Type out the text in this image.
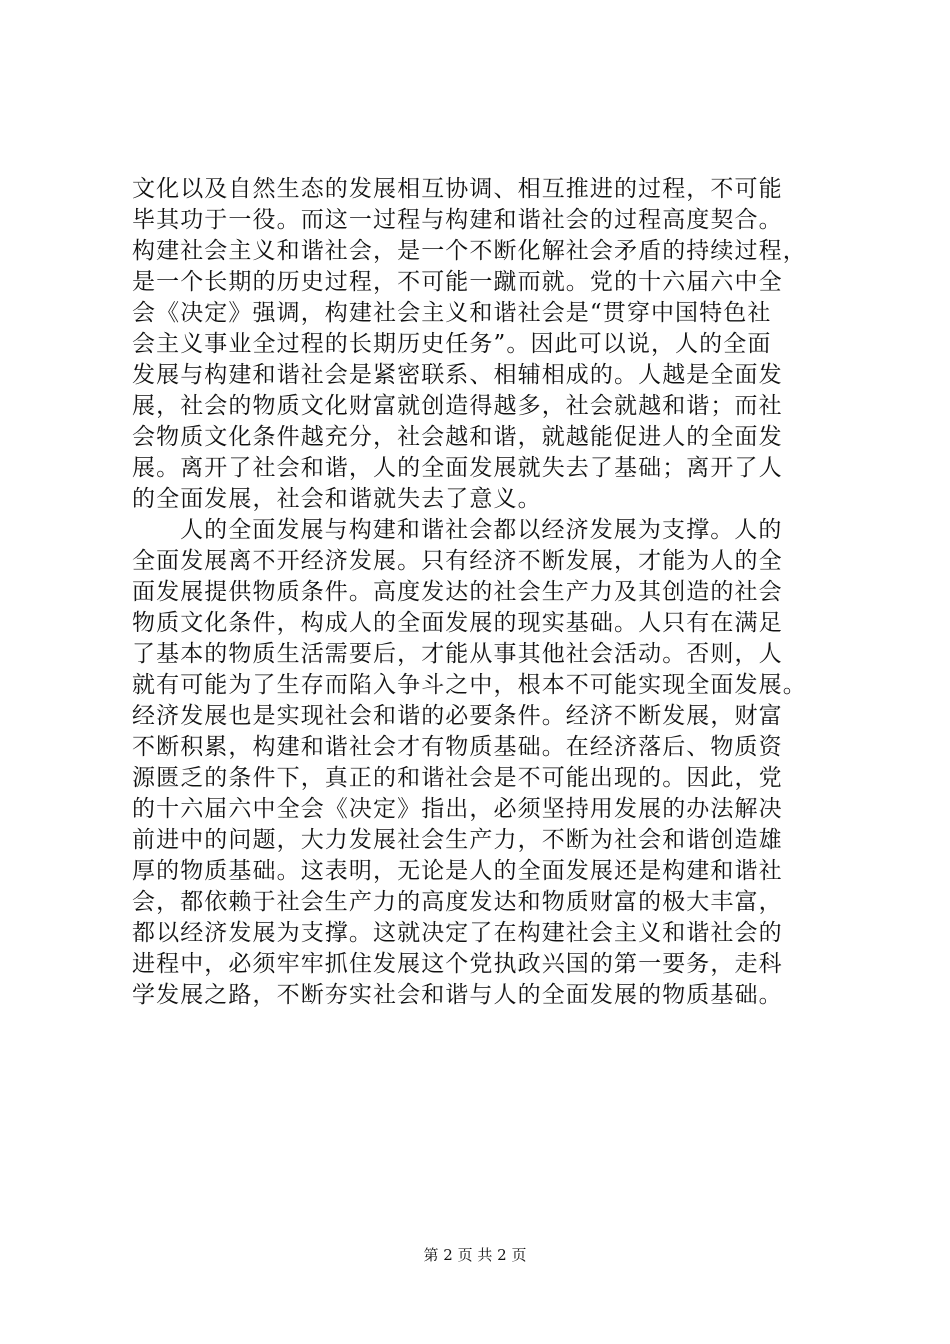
文化以及自然生态的发展相互协调、相互推进的过程，不可能
毕其功于一役。而这一过程与构建和谐社会的过程高度契合。
构建社会主义和谐社会，是一个不断化解社会矛盾的持续过程，
是一个长期的历史过程，不可能一蹴而就。党的十六届六中全
会《决定》强调，构建社会主义和谐社会是“贯穿中国特色社
会主义事业全过程的长期历史任务”。因此可以说，人的全面
发展与构建和谐社会是紧密联系、相辅相成的。人越是全面发
展，社会的物质文化财富就创造得越多，社会就越和谐；而社
会物质文化条件越充分，社会越和谐，就越能促进人的全面发
展。离开了社会和谐，人的全面发展就失去了基础；离开了人
的全面发展，社会和谐就失去了意义。
人的全面发展与构建和谐社会都以经济发展为支撑。人的
全面发展离不开经济发展。只有经济不断发展，才能为人的全
面发展提供物质条件。高度发达的社会生产力及其创造的社会
物质文化条件，构成人的全面发展的现实基础。人只有在满足
了基本的物质生活需要后，才能从事其他社会活动。否则，人
就有可能为了生存而陷入争斗之中，根本不可能实现全面发展。
经济发展也是实现社会和谐的必要条件。经济不断发展，财富
不断积累，构建和谐社会才有物质基础。在经济落后、物质资
源匮乏的条件下，真正的和谐社会是不可能出现的。因此，党
的十六届六中全会《决定》指出，必须坚持用发展的办法解决
前进中的问题，大力发展社会生产力，不断为社会和谐创造雄
厚的物质基础。这表明，无论是人的全面发展还是构建和谐社
会，都依赖于社会生产力的高度发达和物质财富的极大丰富，
都以经济发展为支撑。这就决定了在构建社会主义和谐社会的
进程中，必须牢牢抓住发展这个党执政兴国的第一要务，走科
学发展之路，不断夯实社会和谐与人的全面发展的物质基础。
第 2 页 共 2 页
